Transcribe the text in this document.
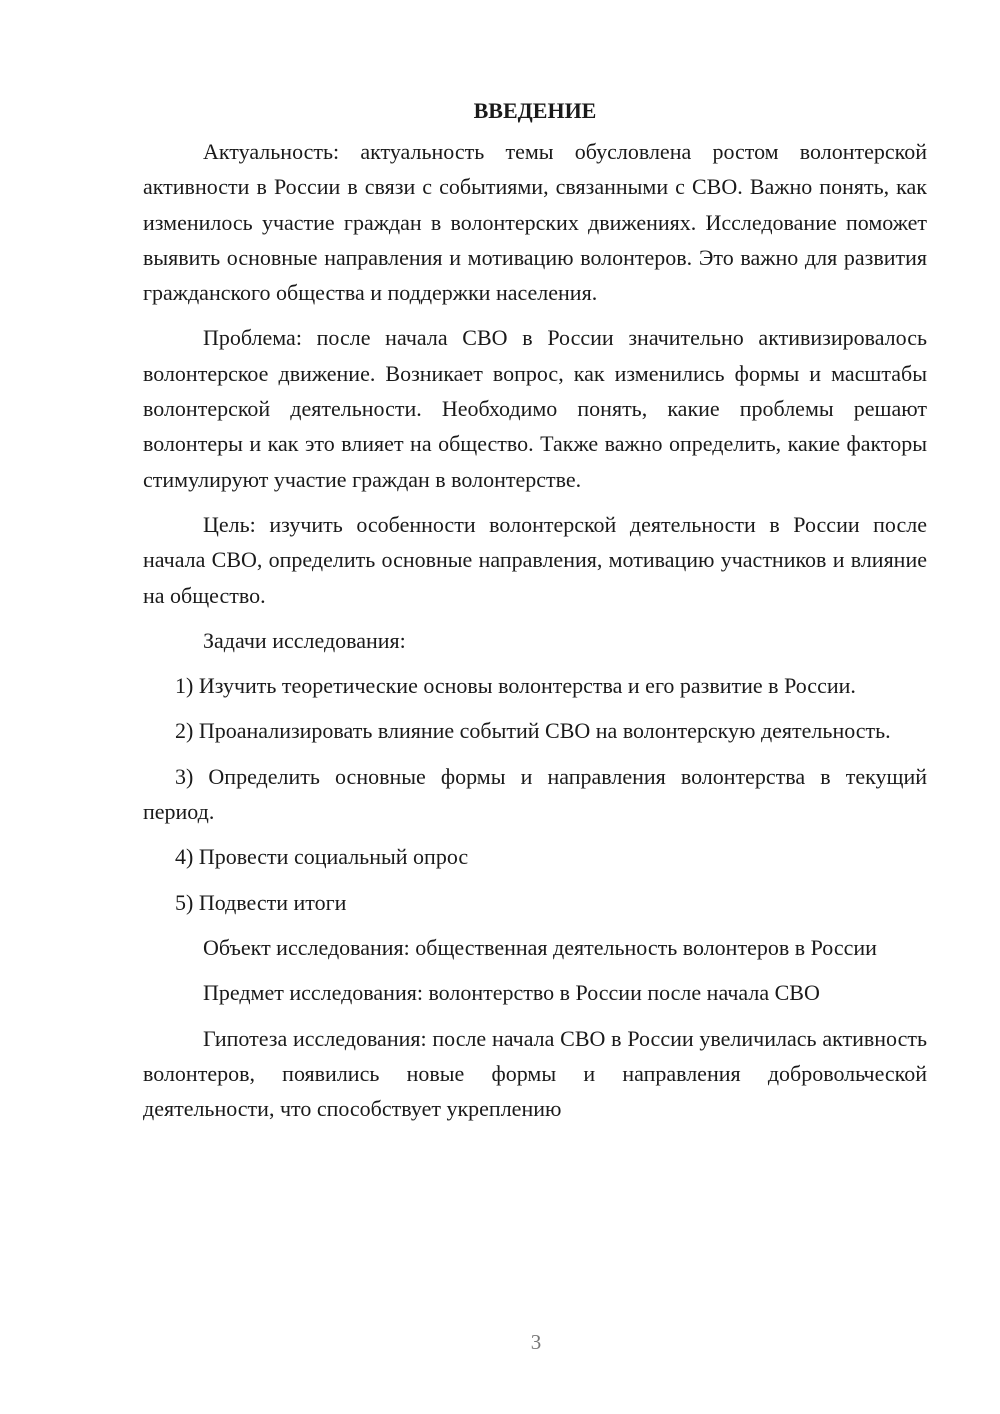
ВВЕДЕНИЕ

Актуальность: актуальность темы обусловлена ростом волонтерской активности в России в связи с событиями, связанными с СВО. Важно понять, как изменилось участие граждан в волонтерских движениях. Исследование поможет выявить основные направления и мотивацию волонтеров. Это важно для развития гражданского общества и поддержки населения.

Проблема: после начала СВО в России значительно активизировалось волонтерское движение. Возникает вопрос, как изменились формы и масштабы волонтерской деятельности. Необходимо понять, какие проблемы решают волонтеры и как это влияет на общество. Также важно определить, какие факторы стимулируют участие граждан в волонтерстве.

Цель: изучить особенности волонтерской деятельности в России после начала СВО, определить основные направления, мотивацию участников и влияние на общество.

Задачи исследования:

1) Изучить теоретические основы волонтерства и его развитие в России.

2) Проанализировать влияние событий СВО на волонтерскую деятельность.

3) Определить основные формы и направления волонтерства в текущий период.

4) Провести социальный опрос

5) Подвести итоги

Объект исследования: общественная деятельность волонтеров в России

Предмет исследования: волонтерство в России после начала СВО

Гипотеза исследования: после начала СВО в России увеличилась активность волонтеров, появились новые формы и направления добровольческой деятельности, что способствует укреплению

3
